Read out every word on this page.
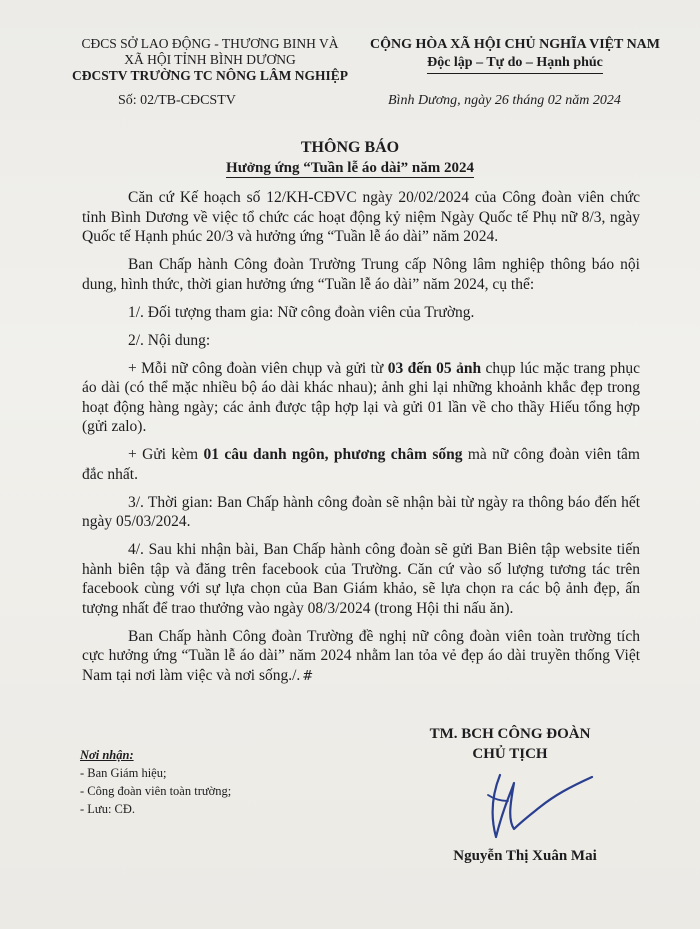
CĐCS SỞ LAO ĐỘNG - THƯƠNG BINH VÀ
XÃ HỘI TỈNH BÌNH DƯƠNG
CĐCSTV TRƯỜNG TC NÔNG LÂM NGHIỆP
CỘNG HÒA XÃ HỘI CHỦ NGHĨA VIỆT NAM
Độc lập – Tự do – Hạnh phúc
Số: 02/TB-CĐCSTV	Bình Dương, ngày 26 tháng 02 năm 2024
THÔNG BÁO
Hưởng ứng “Tuần lễ áo dài” năm 2024

Căn cứ Kế hoạch số 12/KH-CĐVC ngày 20/02/2024 của Công đoàn viên chức tỉnh Bình Dương về việc tổ chức các hoạt động kỷ niệm Ngày Quốc tế Phụ nữ 8/3, ngày Quốc tế Hạnh phúc 20/3 và hưởng ứng “Tuần lễ áo dài” năm 2024.

Ban Chấp hành Công đoàn Trường Trung cấp Nông lâm nghiệp thông báo nội dung, hình thức, thời gian hưởng ứng “Tuần lễ áo dài” năm 2024, cụ thể:

1/. Đối tượng tham gia: Nữ công đoàn viên của Trường.

2/. Nội dung:

+ Mỗi nữ công đoàn viên chụp và gửi từ 03 đến 05 ảnh chụp lúc mặc trang phục áo dài (có thể mặc nhiều bộ áo dài khác nhau); ảnh ghi lại những khoảnh khắc đẹp trong hoạt động hàng ngày; các ảnh được tập hợp lại và gửi 01 lần về cho thầy Hiếu tổng hợp (gửi zalo).

+ Gửi kèm 01 câu danh ngôn, phương châm sống mà nữ công đoàn viên tâm đắc nhất.

3/. Thời gian: Ban Chấp hành công đoàn sẽ nhận bài từ ngày ra thông báo đến hết ngày 05/03/2024.

4/. Sau khi nhận bài, Ban Chấp hành công đoàn sẽ gửi Ban Biên tập website tiến hành biên tập và đăng trên facebook của Trường. Căn cứ vào số lượng tương tác trên facebook cùng với sự lựa chọn của Ban Giám khảo, sẽ lựa chọn ra các bộ ảnh đẹp, ấn tượng nhất để trao thưởng vào ngày 08/3/2024 (trong Hội thi nấu ăn).

Ban Chấp hành Công đoàn Trường đề nghị nữ công đoàn viên toàn trường tích cực hưởng ứng “Tuần lễ áo dài” năm 2024 nhằm lan tỏa vẻ đẹp áo dài truyền thống Việt Nam tại nơi làm việc và nơi sống./. #

TM. BCH CÔNG ĐOÀN
CHỦ TỊCH
Nguyễn Thị Xuân Mai
Nơi nhận:
- Ban Giám hiệu;
- Công đoàn viên toàn trường;
- Lưu: CĐ.
